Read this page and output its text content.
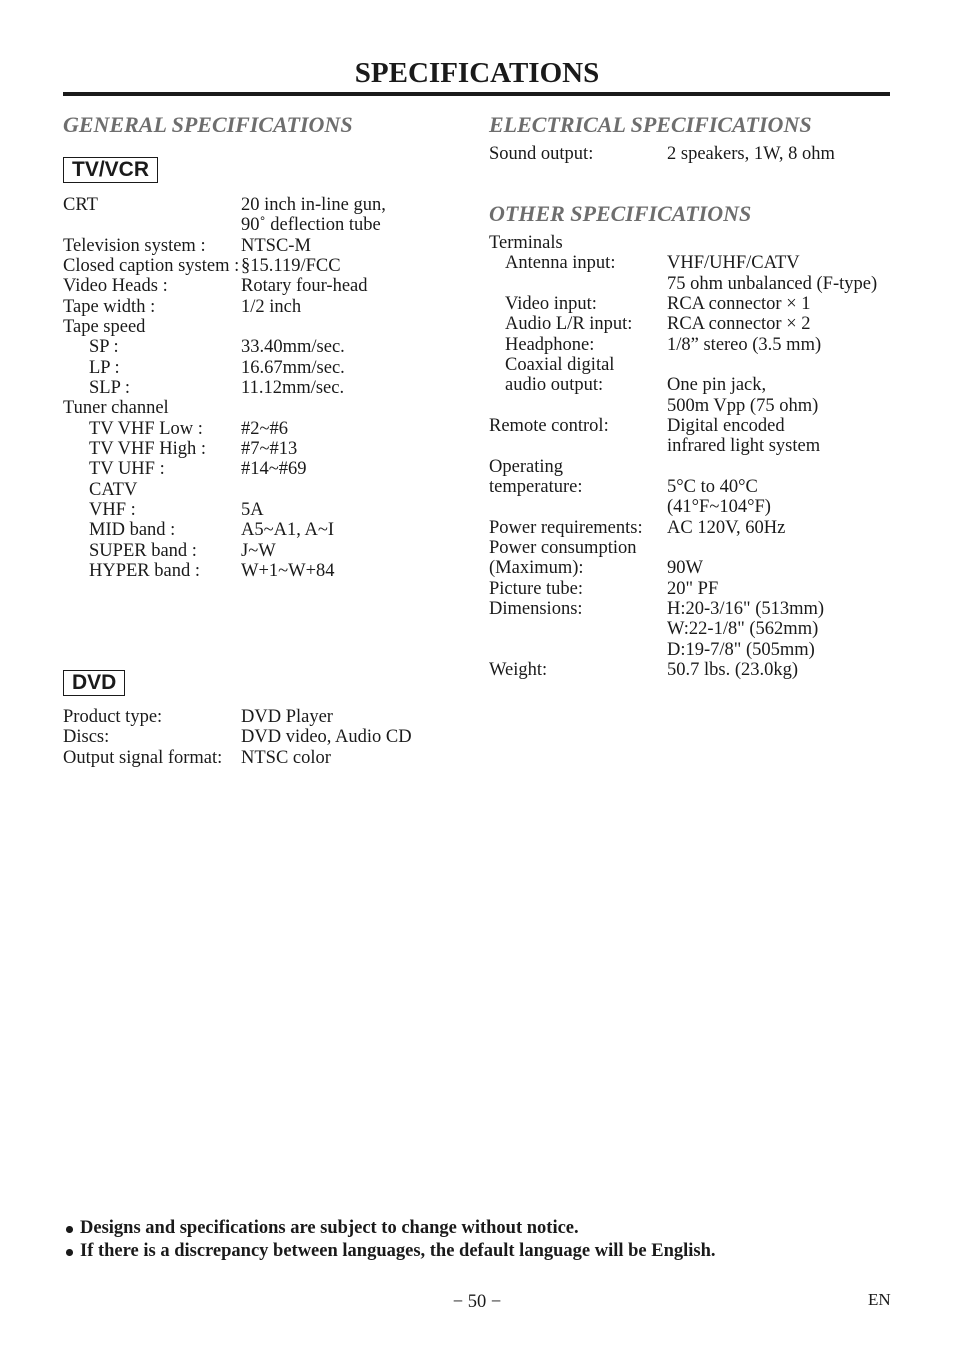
SPECIFICATIONS
GENERAL SPECIFICATIONS
TV/VCR
CRT	20 inch in-line gun,
90˚ deflection tube
Television system :	NTSC-M
Closed caption system : §15.119/FCC
Video Heads :	Rotary four-head
Tape width :	1/2 inch
Tape speed
SP :	33.40mm/sec.
LP :	16.67mm/sec.
SLP :	11.12mm/sec.
Tuner channel
TV VHF Low :	#2~#6
TV VHF High :	#7~#13
TV UHF :	#14~#69
CATV
VHF :	5A
MID band :	A5~A1, A~I
SUPER band :	J~W
HYPER band :	W+1~W+84
DVD
Product type:	DVD Player
Discs:	DVD video, Audio CD
Output signal format:	NTSC color
ELECTRICAL SPECIFICATIONS
Sound output:	2 speakers, 1W, 8 ohm
OTHER SPECIFICATIONS
Terminals
Antenna input:	VHF/UHF/CATV
75 ohm unbalanced (F-type)
Video input:	RCA connector × 1
Audio L/R input:	RCA connector × 2
Headphone:	1/8” stereo (3.5 mm)
Coaxial digital
audio output:	One pin jack,
500m Vpp (75 ohm)
Remote control:	Digital encoded
infrared light system
Operating
temperature:	5°C to 40°C
(41°F~104°F)
Power requirements:	AC 120V, 60Hz
Power consumption
(Maximum):	90W
Picture tube:	20" PF
Dimensions:	H:20-3/16" (513mm)
W:22-1/8" (562mm)
D:19-7/8" (505mm)
Weight:	50.7 lbs. (23.0kg)
Designs and specifications are subject to change without notice.
If there is a discrepancy between languages, the default language will be English.
− 50 −	EN
